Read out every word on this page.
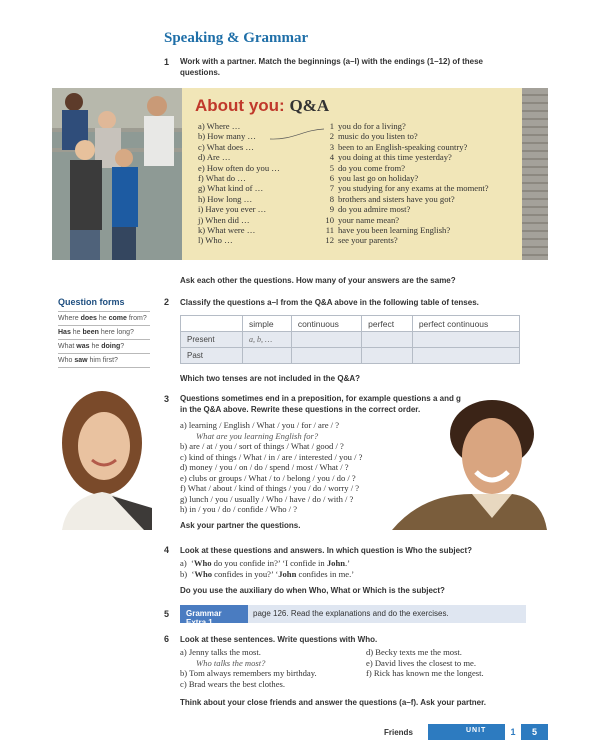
Speaking & Grammar
1 Work with a partner. Match the beginnings (a–l) with the endings (1–12) of these
questions.
About you: Q&A
a) Where …
b) How many …
c) What does …
d) Are …
e) How often do you …
f) What do …
g) What kind of …
h) How long …
i) Have you ever …
j) When did …
k) What were …
l) Who …
1 you do for a living?
2 music do you listen to?
3 been to an English-speaking country?
4 you doing at this time yesterday?
5 do you come from?
6 you last go on holiday?
7 you studying for any exams at the moment?
8 brothers and sisters have you got?
9 do you admire most?
10 your name mean?
11 have you been learning English?
12 see your parents?
Ask each other the questions. How many of your answers are the same?
Question forms
Where does he come from?
Has he been here long?
What was he doing?
Who saw him first?
2 Classify the questions a–l from the Q&A above in the following table of tenses.
	simple	continuous	perfect	perfect continuous
Present	a, b, …			
Past				
Which two tenses are not included in the Q&A?
3 Questions sometimes end in a preposition, for example questions a and g
in the Q&A above. Rewrite these questions in the correct order.
a) learning / English / What / you / for / are / ?
What are you learning English for?
b) are / at / you / sort of things / What / good / ?
c) kind of things / What / in / are / interested / you / ?
d) money / you / on / do / spend / most / What / ?
e) clubs or groups / What / to / belong / you / do / ?
f) What / about / kind of things / you / do / worry / ?
g) lunch / you / usually / Who / have / do / with / ?
h) in / you / do / confide / Who / ?
Ask your partner the questions.
4 Look at these questions and answers. In which question is Who the subject?
a)  ‘Who do you confide in?’ ‘I confide in John.’
b)  ‘Who confides in you?’ ‘John confides in me.’
Do you use the auxiliary do when Who, What or Which is the subject?
5	Grammar Extra 1
page 126. Read the explanations and do the exercises.
6 Look at these sentences. Write questions with Who.
a) Jenny talks the most.
Who talks the most?
b) Tom always remembers my birthday.
c) Brad wears the best clothes.
d) Becky texts me the most.
e) David lives the closest to me.
f) Rick has known me the longest.
Think about your close friends and answer the questions (a–f). Ask your partner.
Friends	UNIT	1	5
